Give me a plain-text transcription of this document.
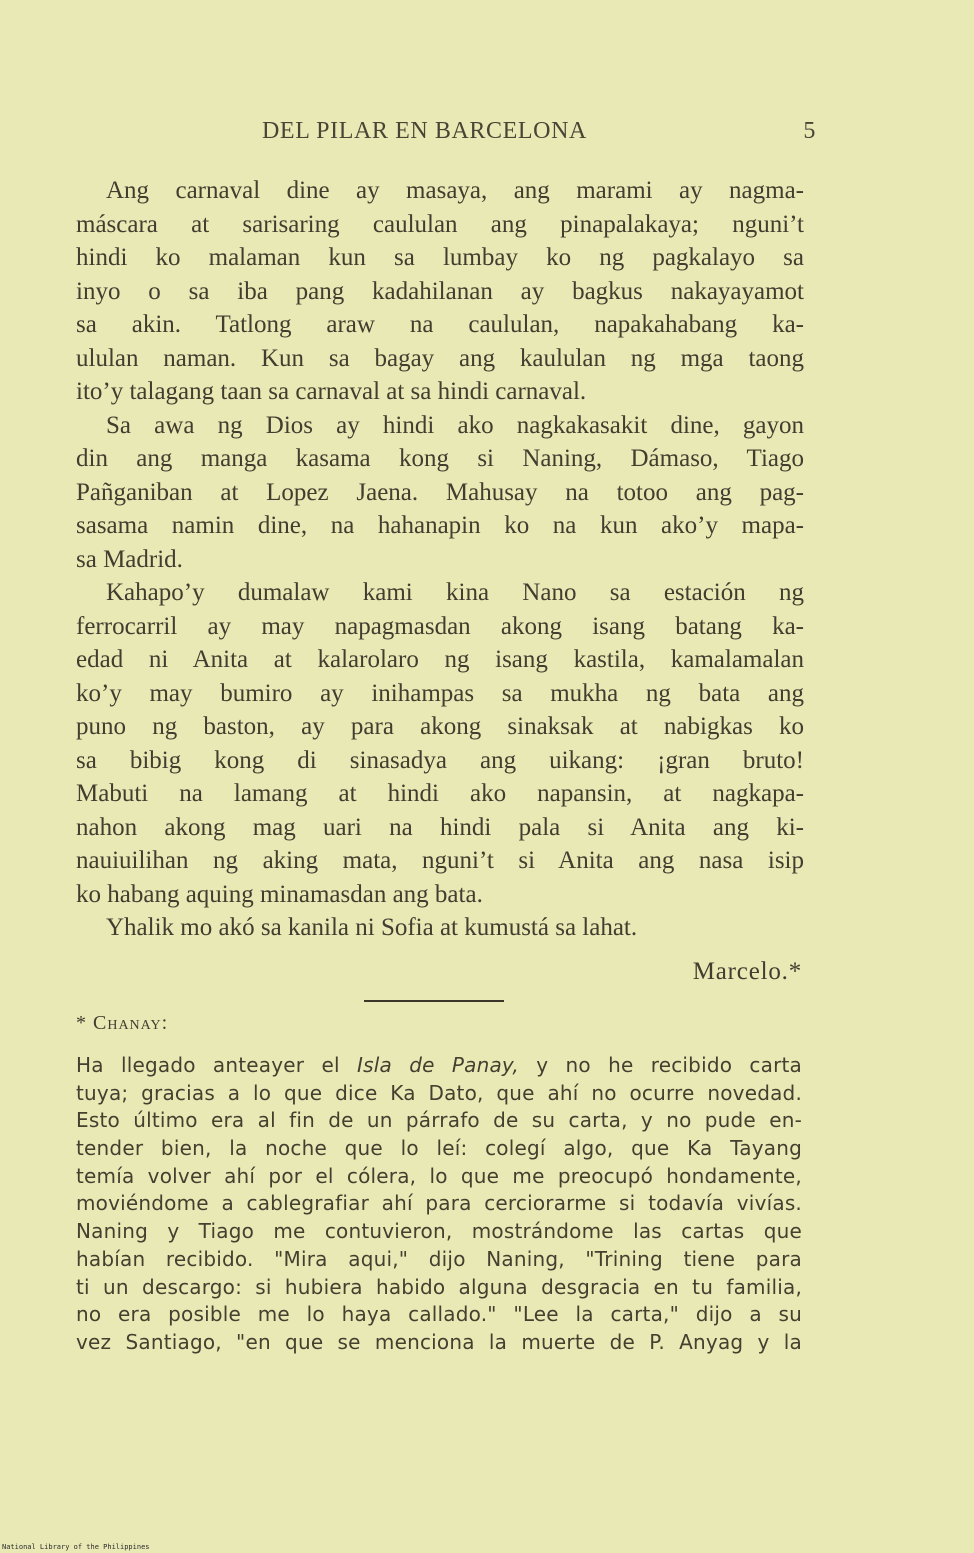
DEL PILAR EN BARCELONA	5
Ang carnaval dine ay masaya, ang marami ay nagma-
máscara at sarisaring caululan ang pinapalakaya; nguni’t
hindi ko malaman kun sa lumbay ko ng pagkalayo sa
inyo o sa iba pang kadahilanan ay bagkus nakayayamot
sa akin. Tatlong araw na caululan, napakahabang ka-
ululan naman. Kun sa bagay ang kaululan ng mga taong
ito’y talagang taan sa carnaval at sa hindi carnaval.
Sa awa ng Dios ay hindi ako nagkakasakit dine, gayon
din ang manga kasama kong si Naning, Dámaso, Tiago
Pañganiban at Lopez Jaena. Mahusay na totoo ang pag-
sasama namin dine, na hahanapin ko na kun ako’y mapa-
sa Madrid.
Kahapo’y dumalaw kami kina Nano sa estación ng
ferrocarril ay may napagmasdan akong isang batang ka-
edad ni Anita at kalarolaro ng isang kastila, kamalamalan
ko’y may bumiro ay inihampas sa mukha ng bata ang
puno ng baston, ay para akong sinaksak at nabigkas ko
sa bibig kong di sinasadya ang uikang: ¡gran bruto!
Mabuti na lamang at hindi ako napansin, at nagkapa-
nahon akong mag uari na hindi pala si Anita ang ki-
nauiuilihan ng aking mata, nguni’t si Anita ang nasa isip
ko habang aquing minamasdan ang bata.
Yhalik mo akó sa kanila ni Sofia at kumustá sa lahat.
Marcelo.*
* Chanay:
Ha llegado anteayer el Isla de Panay, y no he recibido carta
tuya; gracias a lo que dice Ka Dato, que ahí no ocurre novedad.
Esto último era al fin de un párrafo de su carta, y no pude en-
tender bien, la noche que lo leí: colegí algo, que Ka Tayang
temía volver ahí por el cólera, lo que me preocupó hondamente,
moviéndome a cablegrafiar ahí para cerciorarme si todavía vivías.
Naning y Tiago me contuvieron, mostrándome las cartas que
habían recibido. "Mira aqui," dijo Naning, "Trining tiene para
ti un descargo: si hubiera habido alguna desgracia en tu familia,
no era posible me lo haya callado." "Lee la carta," dijo a su
vez Santiago, "en que se menciona la muerte de P. Anyag y la
National Library of the Philippines
